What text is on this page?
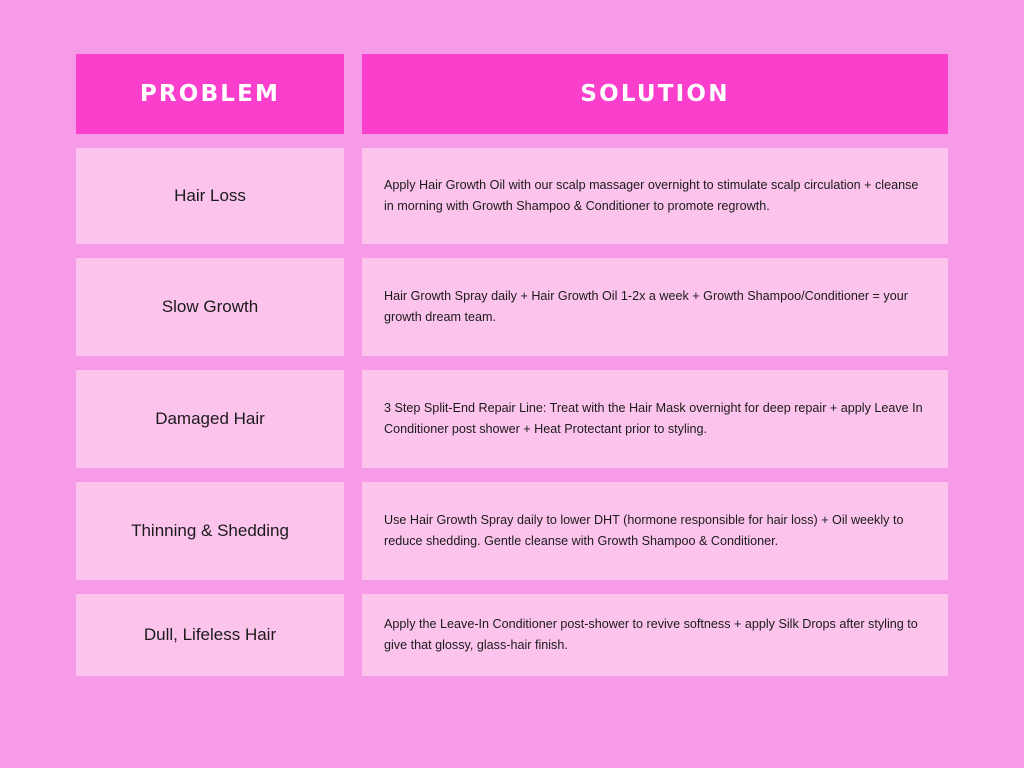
PROBLEM	SOLUTION
Hair Loss
Apply Hair Growth Oil with our scalp massager overnight to stimulate scalp circulation + cleanse in morning with Growth Shampoo & Conditioner to promote regrowth.
Slow Growth
Hair Growth Spray daily + Hair Growth Oil 1-2x a week + Growth Shampoo/Conditioner = your growth dream team.
Damaged Hair
3 Step Split-End Repair Line: Treat with the Hair Mask overnight for deep repair + apply Leave In Conditioner post shower + Heat Protectant prior to styling.
Thinning & Shedding
Use Hair Growth Spray daily to lower DHT (hormone responsible for hair loss) + Oil weekly to reduce shedding. Gentle cleanse with Growth Shampoo & Conditioner.
Dull, Lifeless Hair
Apply the Leave-In Conditioner post-shower to revive softness + apply Silk Drops after styling to give that glossy, glass-hair finish.
